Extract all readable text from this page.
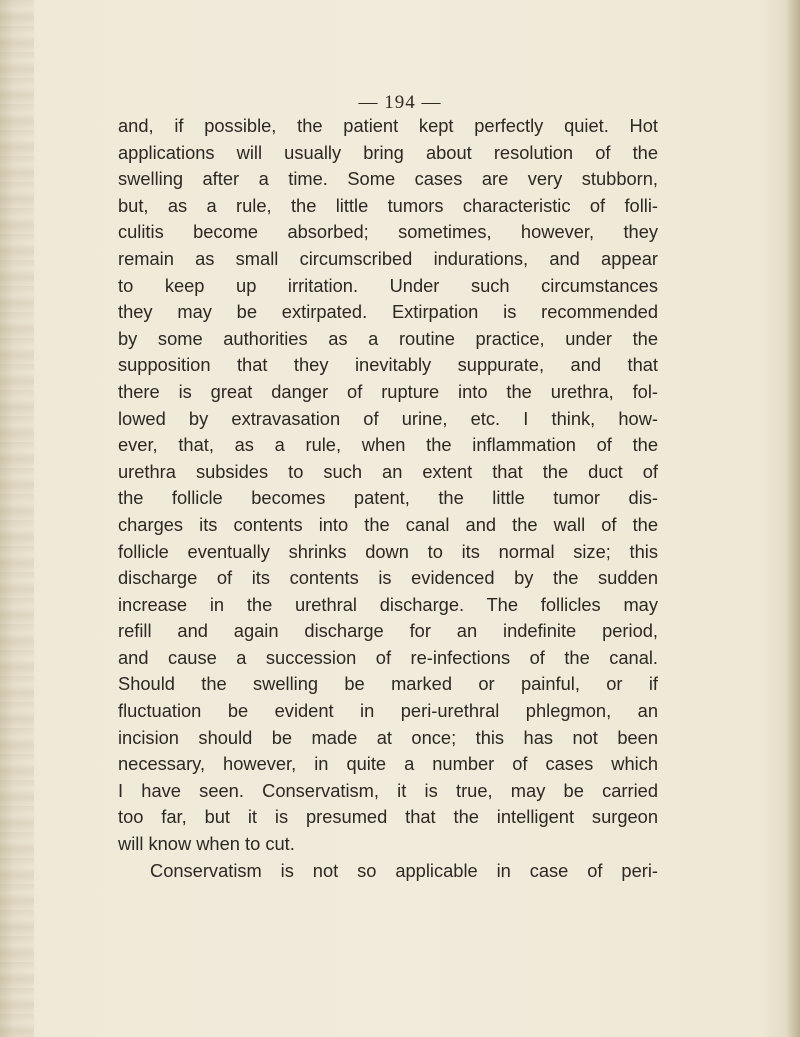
— 194 —
and, if possible, the patient kept perfectly quiet. Hot
applications will usually bring about resolution of the
swelling after a time. Some cases are very stubborn,
but, as a rule, the little tumors characteristic of folli-
culitis become absorbed; sometimes, however, they
remain as small circumscribed indurations, and appear
to keep up irritation. Under such circumstances
they may be extirpated. Extirpation is recommended
by some authorities as a routine practice, under the
supposition that they inevitably suppurate, and that
there is great danger of rupture into the urethra, fol-
lowed by extravasation of urine, etc. I think, how-
ever, that, as a rule, when the inflammation of the
urethra subsides to such an extent that the duct of
the follicle becomes patent, the little tumor dis-
charges its contents into the canal and the wall of the
follicle eventually shrinks down to its normal size; this
discharge of its contents is evidenced by the sudden
increase in the urethral discharge. The follicles may
refill and again discharge for an indefinite period,
and cause a succession of re-infections of the canal.
Should the swelling be marked or painful, or if
fluctuation be evident in peri-urethral phlegmon, an
incision should be made at once; this has not been
necessary, however, in quite a number of cases which
I have seen. Conservatism, it is true, may be carried
too far, but it is presumed that the intelligent surgeon
will know when to cut.
Conservatism is not so applicable in case of peri-
